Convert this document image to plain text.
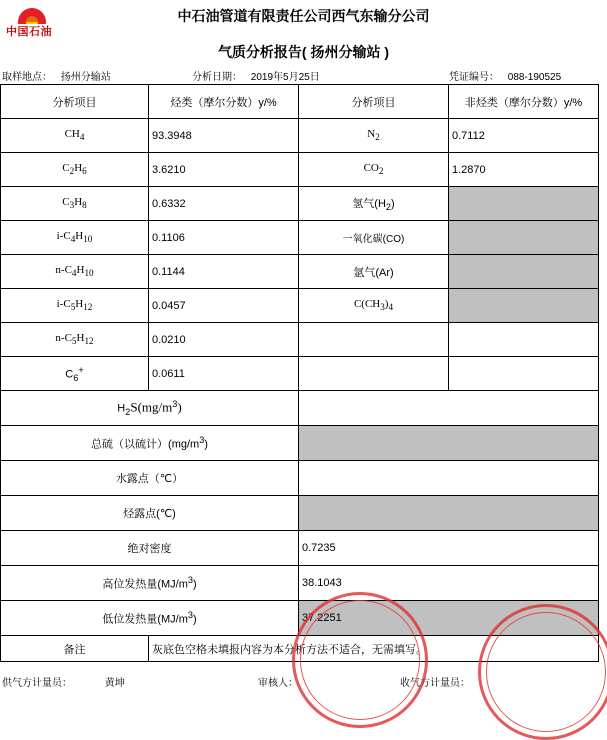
中国石油
中石油管道有限责任公司西气东输分公司
气质分析报告( 扬州分输站 )
取样地点： 扬州分输站	分析日期： 2019年5月25日	凭证编号： 088-190525
分析项目	烃类（摩尔分数）y/%	分析项目	非烃类（摩尔分数）y/%
$CH_4$	93.3948	$N_2$	0.7112
$C_2H_6$	3.6210	$CO_2$	1.2870
$C_3H_8$	0.6332	氢气$(H_2)$	
$i-C_4H_{10}$	0.1106	一氧化碳(CO)	
$n-C_4H_{10}$	0.1144	氩气(Ar)	
$i-C_5H_{12}$	0.0457	$C(CH_3)_4$	
$n-C_5H_{12}$	0.0210		
$C_6^+$	0.0611		
$H_2S(mg/m^3)$			
总硫（以硫计）$(mg/m^3)$			
水露点（℃）			
烃露点(℃)			
绝对密度		0.7235	
高位发热量$(MJ/m^3)$		38.1043	
低位发热量$(MJ/m^3)$		37.2251	
备注	灰底色空格未填报内容为本分析方法不适合，无需填写。		
供气方计量员：	黄坤	审核人：	收气方计量员：
